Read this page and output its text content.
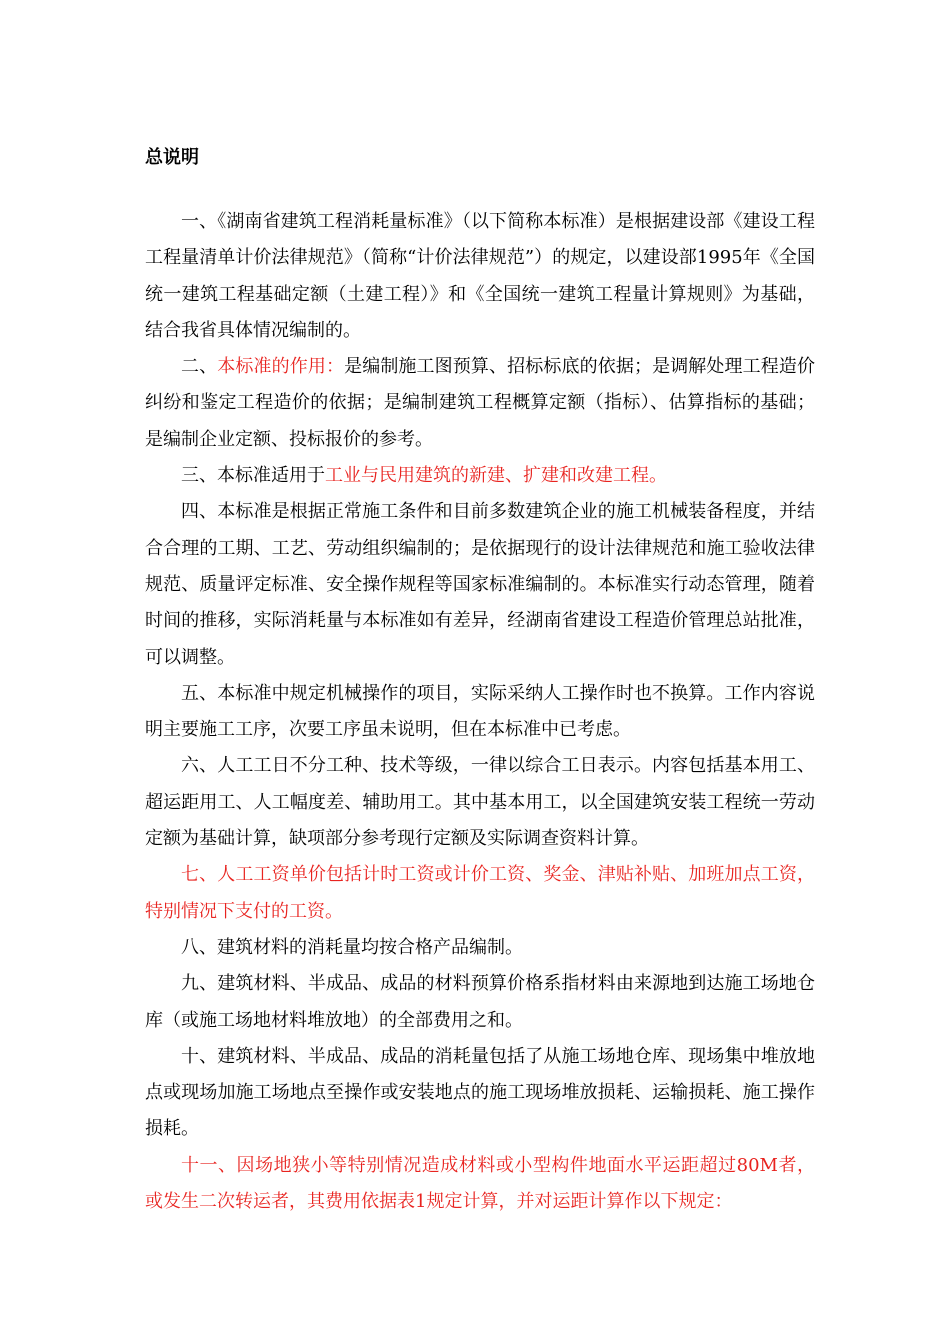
总说明

一、《湖南省建筑工程消耗量标准》（以下简称本标准）是根据建设部《建设工程工程量清单计价法律规范》（简称“计价法律规范”）的规定，以建设部1995年《全国统一建筑工程基础定额（土建工程）》和《全国统一建筑工程量计算规则》为基础，结合我省具体情况编制的。

二、本标准的作用：是编制施工图预算、招标标底的依据；是调解处理工程造价纠纷和鉴定工程造价的依据；是编制建筑工程概算定额（指标）、估算指标的基础；是编制企业定额、投标报价的参考。

三、本标准适用于工业与民用建筑的新建、扩建和改建工程。

四、本标准是根据正常施工条件和目前多数建筑企业的施工机械装备程度，并结合合理的工期、工艺、劳动组织编制的；是依据现行的设计法律规范和施工验收法律规范、质量评定标准、安全操作规程等国家标准编制的。本标准实行动态管理，随着时间的推移，实际消耗量与本标准如有差异，经湖南省建设工程造价管理总站批准，可以调整。

五、本标准中规定机械操作的项目，实际采纳人工操作时也不换算。工作内容说明主要施工工序，次要工序虽未说明，但在本标准中已考虑。

六、人工工日不分工种、技术等级，一律以综合工日表示。内容包括基本用工、超运距用工、人工幅度差、辅助用工。其中基本用工，以全国建筑安装工程统一劳动定额为基础计算，缺项部分参考现行定额及实际调查资料计算。

七、人工工资单价包括计时工资或计价工资、奖金、津贴补贴、加班加点工资，特别情况下支付的工资。

八、建筑材料的消耗量均按合格产品编制。

九、建筑材料、半成品、成品的材料预算价格系指材料由来源地到达施工场地仓库（或施工场地材料堆放地）的全部费用之和。

十、建筑材料、半成品、成品的消耗量包括了从施工场地仓库、现场集中堆放地点或现场加施工场地点至操作或安装地点的施工现场堆放损耗、运输损耗、施工操作损耗。

十一、因场地狭小等特别情况造成材料或小型构件地面水平运距超过80M者，或发生二次转运者，其费用依据表1规定计算，并对运距计算作以下规定：
